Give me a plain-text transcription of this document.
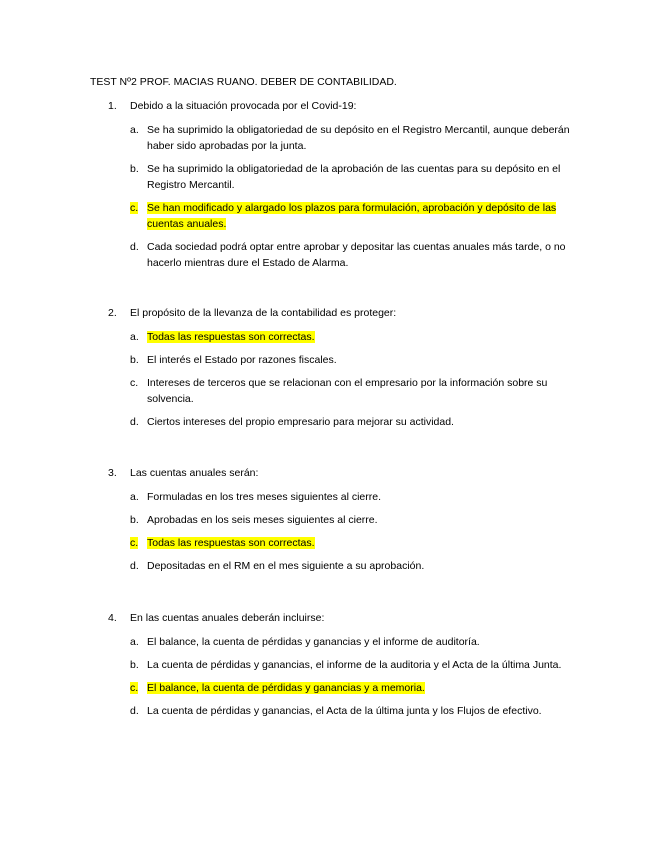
TEST Nº2 PROF. MACIAS RUANO. DEBER DE CONTABILIDAD.
1.	Debido a la situación provocada por el Covid-19:
a. Se ha suprimido la obligatoriedad de su depósito en el Registro Mercantil, aunque deberán haber sido aprobadas por la junta.
b. Se ha suprimido la obligatoriedad de la aprobación de las cuentas para su depósito en el Registro Mercantil.
c. Se han modificado y alargado los plazos para formulación, aprobación y depósito de las cuentas anuales.
d. Cada sociedad podrá optar entre aprobar y depositar las cuentas anuales más tarde, o no hacerlo mientras dure el Estado de Alarma.
2.	El propósito de la llevanza de la contabilidad es proteger:
a. Todas las respuestas son correctas.
b. El interés el Estado por razones fiscales.
c. Intereses de terceros que se relacionan con el empresario por la información sobre su solvencia.
d. Ciertos intereses del propio empresario para mejorar su actividad.
3.	Las cuentas anuales serán:
a. Formuladas en los tres meses siguientes al cierre.
b. Aprobadas en los seis meses siguientes al cierre.
c. Todas las respuestas son correctas.
d. Depositadas en el RM en el mes siguiente a su aprobación.
4.	En las cuentas anuales deberán incluirse:
a. El balance, la cuenta de pérdidas y ganancias y el informe de auditoría.
b. La cuenta de pérdidas y ganancias, el informe de la auditoria y el Acta de la última Junta.
c. El balance, la cuenta de pérdidas y ganancias y a memoria.
d. La cuenta de pérdidas y ganancias, el Acta de la última junta y los Flujos de efectivo.
